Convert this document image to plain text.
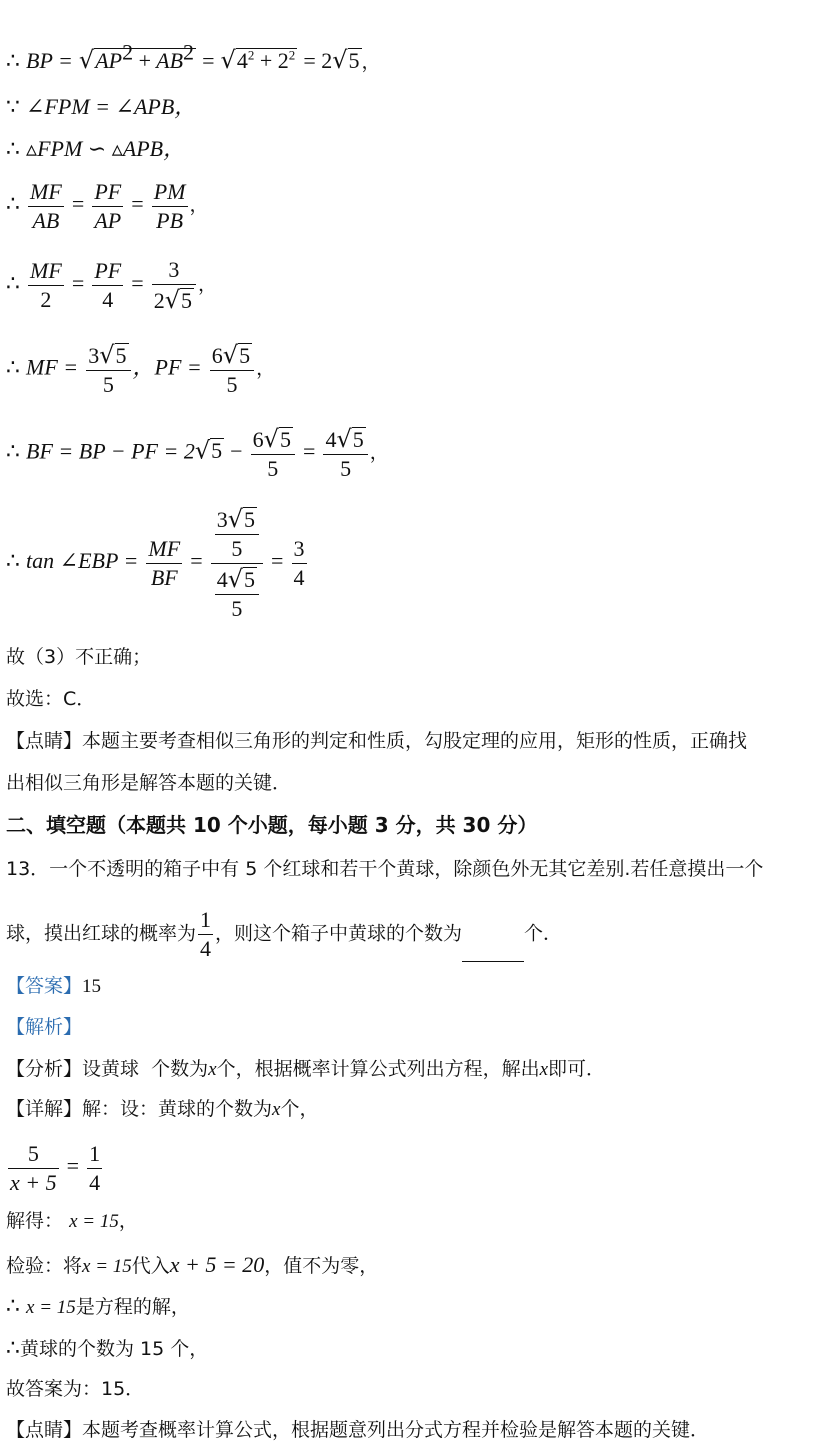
∴ BP = $√AP^2 + AB^2 = √4^2 + 2^2 = 2√5$ ，
∵ ∠FPM = ∠APB，
∴ ▵FPM ∽ ▵APB，
∴ $\frac{MF}{AB} = \frac{PF}{AP} = \frac{PM}{PB}$ ，
∴ $\frac{MF}{2} = \frac{PF}{4} = \frac{3}{2√5}$ ，
∴ MF = $\frac{3√5}{5}$ ，PF = $\frac{6√5}{5}$ ，
∴ BF = BP − PF = $2√5 - \frac{6√5}{5} = \frac{4√5}{5}$ ，
∴ tan ∠EBP = $\frac{MF}{BF} = \frac{\frac{3√5}{5}}{\frac{4√5}{5}} = \frac{3}{4}$
故（3）不正确；
故选：C．
【点睛】本题主要考查相似三角形的判定和性质，勾股定理的应用，矩形的性质，正确找
出相似三角形是解答本题的关键．
二、填空题（本题共 10 个小题，每小题 3 分，共 30 分）
13．一个不透明的箱子中有 5 个红球和若干个黄球，除颜色外无其它差别.若任意摸出一个
球，摸出红球的概率为 $\frac{1}{4}$ ，则这个箱子中黄球的个数为	个．
【答案】15
【解析】
【分析】设黄球 个数为x个，根据概率计算公式列出方程，解出x即可．
【详解】解：设：黄球的个数为x个，
$\frac{5}{x + 5} = \frac{1}{4}$
解得： x = 15，
检验：将x = 15代入x + 5 = 20，值不为零，
∴ x = 15是方程的解，
∴黄球的个数为 15 个，
故答案为：15．
【点睛】本题考查概率计算公式，根据题意列出分式方程并检验是解答本题的关键．
